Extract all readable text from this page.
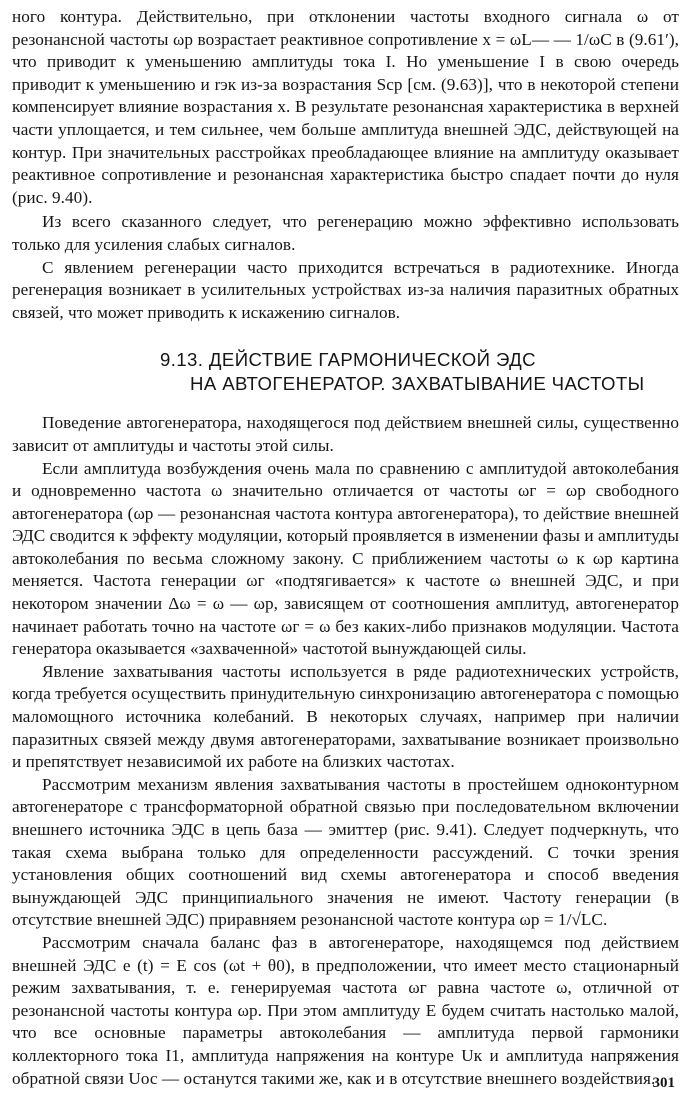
ного контура. Действительно, при отклонении частоты входного сигнала ω от резонансной частоты ωр возрастает реактивное сопротивление x = ωL— — 1/ωC в (9.61′), что приводит к уменьшению амплитуды тока I. Но уменьшение I в свою очередь приводит к уменьшению и rэк из-за возрастания Sср [см. (9.63)], что в некоторой степени компенсирует влияние возрастания x. В результате резонансная характеристика в верхней части уплощается, и тем сильнее, чем больше амплитуда внешней ЭДС, действующей на контур. При значительных расстройках преобладающее влияние на амплитуду оказывает реактивное сопротивление и резонансная характеристика быстро спадает почти до нуля (рис. 9.40).

Из всего сказанного следует, что регенерацию можно эффективно использовать только для усиления слабых сигналов.

С явлением регенерации часто приходится встречаться в радиотехнике. Иногда регенерация возникает в усилительных устройствах из-за наличия паразитных обратных связей, что может приводить к искажению сигналов.

9.13. ДЕЙСТВИЕ ГАРМОНИЧЕСКОЙ ЭДС
НА АВТОГЕНЕРАТОР. ЗАХВАТЫВАНИЕ ЧАСТОТЫ

Поведение автогенератора, находящегося под действием внешней силы, существенно зависит от амплитуды и частоты этой силы.

Если амплитуда возбуждения очень мала по сравнению с амплитудой автоколебания и одновременно частота ω значительно отличается от частоты ωг = ωр свободного автогенератора (ωр — резонансная частота контура автогенератора), то действие внешней ЭДС сводится к эффекту модуляции, который проявляется в изменении фазы и амплитуды автоколебания по весьма сложному закону. С приближением частоты ω к ωр картина меняется. Частота генерации ωг «подтягивается» к частоте ω внешней ЭДС, и при некотором значении Δω = ω — ωр, зависящем от соотношения амплитуд, автогенератор начинает работать точно на частоте ωг = ω без каких-либо признаков модуляции. Частота генератора оказывается «захваченной» частотой вынуждающей силы.

Явление захватывания частоты используется в ряде радиотехнических устройств, когда требуется осуществить принудительную синхронизацию автогенератора с помощью маломощного источника колебаний. В некоторых случаях, например при наличии паразитных связей между двумя автогенераторами, захватывание возникает произвольно и препятствует независимой их работе на близких частотах.

Рассмотрим механизм явления захватывания частоты в простейшем одноконтурном автогенераторе с трансформаторной обратной связью при последовательном включении внешнего источника ЭДС в цепь база — эмиттер (рис. 9.41). Следует подчеркнуть, что такая схема выбрана только для определенности рассуждений. С точки зрения установления общих соотношений вид схемы автогенератора и способ введения вынуждающей ЭДС принципиального значения не имеют. Частоту генерации (в отсутствие внешней ЭДС) приравняем резонансной частоте контура ωр = 1/√LC.

Рассмотрим сначала баланс фаз в автогенераторе, находящемся под действием внешней ЭДС e (t) = E cos (ωt + θ0), в предположении, что имеет место стационарный режим захватывания, т. е. генерируемая частота ωг равна частоте ω, отличной от резонансной частоты контура ωр. При этом амплитуду E будем считать настолько малой, что все основные параметры автоколебания — амплитуда первой гармоники коллекторного тока I1, амплитуда напряжения на контуре Uк и амплитуда напряжения обратной связи Uос — останутся такими же, как и в отсутствие внешнего воздействия.

301
